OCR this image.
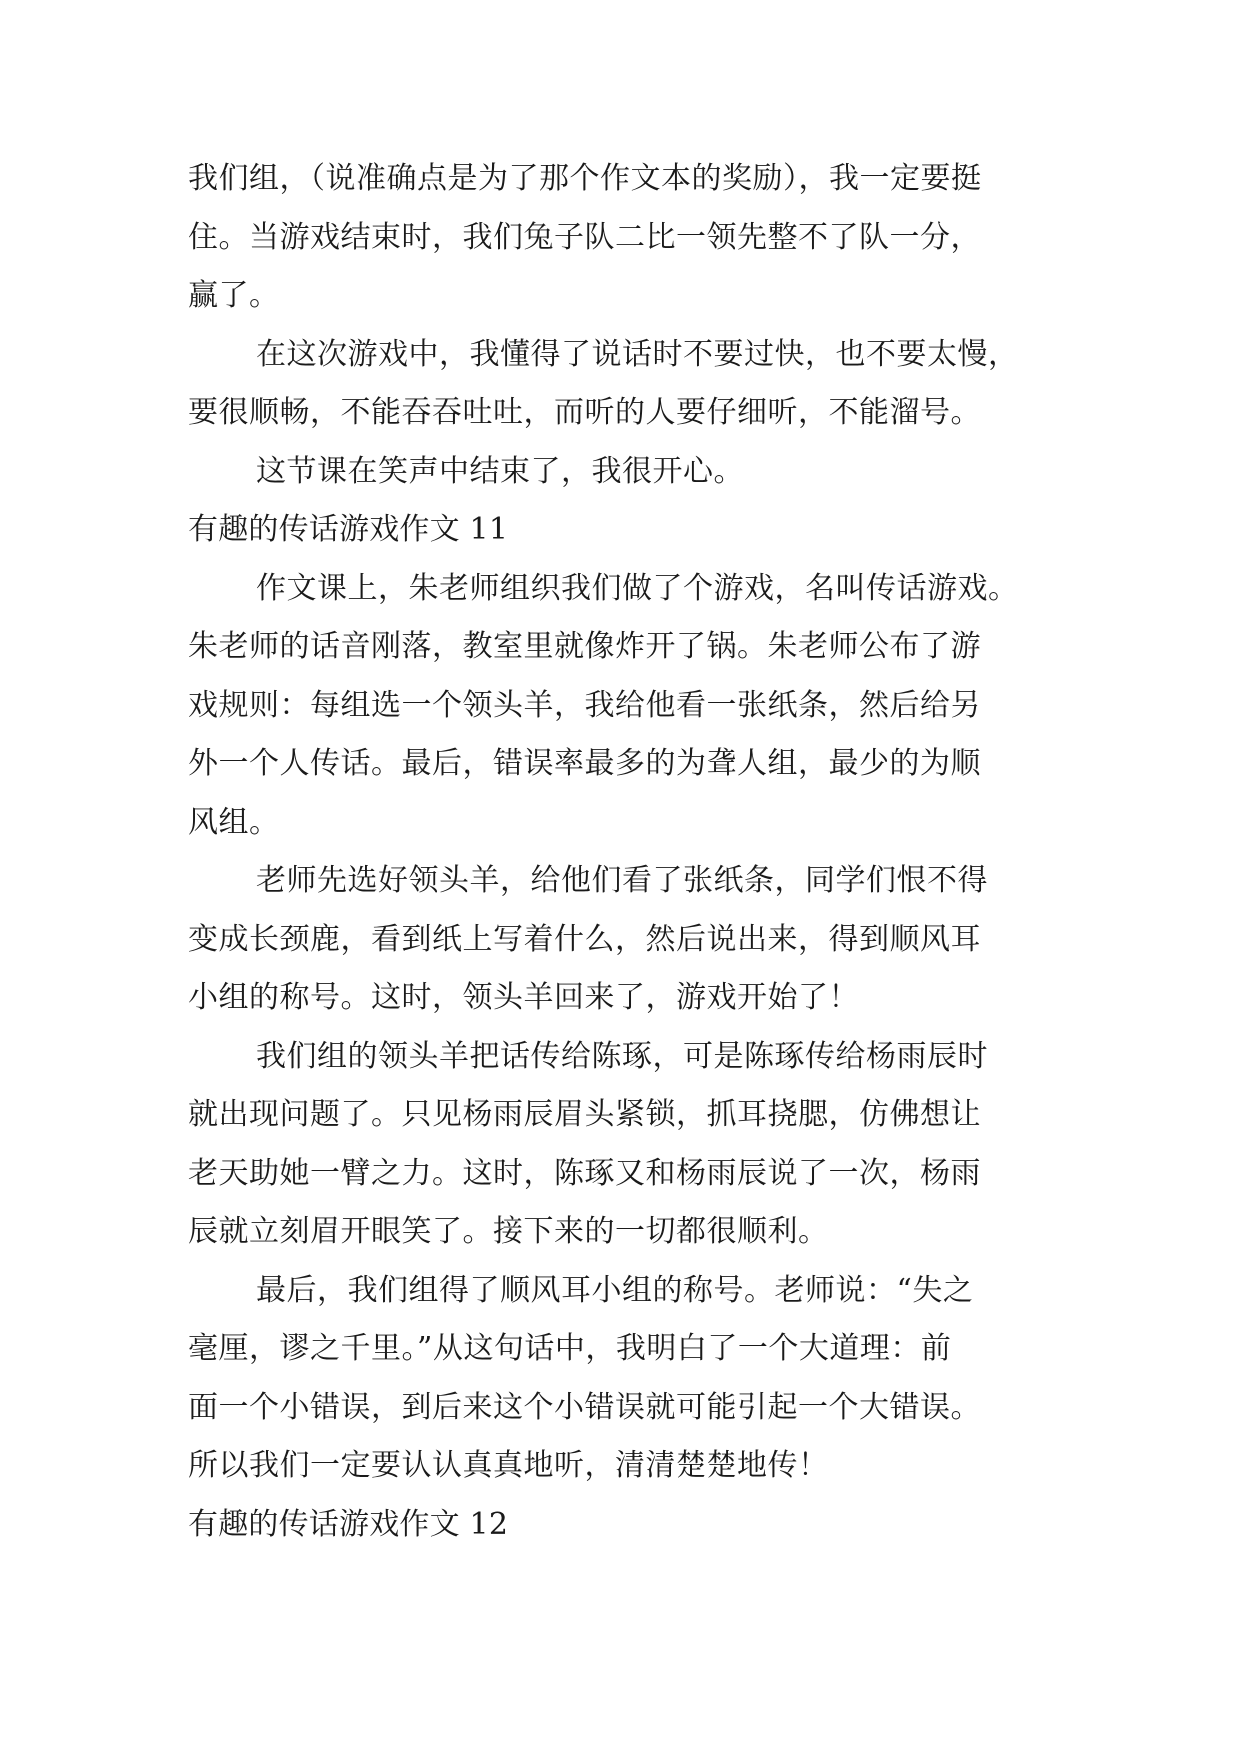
我们组，（说准确点是为了那个作文本的奖励），我一定要挺
住。当游戏结束时，我们兔子队二比一领先整不了队一分，
赢了。
在这次游戏中，我懂得了说话时不要过快，也不要太慢，
要很顺畅，不能吞吞吐吐，而听的人要仔细听，不能溜号。
这节课在笑声中结束了，我很开心。
有趣的传话游戏作文 11
作文课上，朱老师组织我们做了个游戏，名叫传话游戏。
朱老师的话音刚落，教室里就像炸开了锅。朱老师公布了游
戏规则：每组选一个领头羊，我给他看一张纸条，然后给另
外一个人传话。最后，错误率最多的为聋人组，最少的为顺
风组。
老师先选好领头羊，给他们看了张纸条，同学们恨不得
变成长颈鹿，看到纸上写着什么，然后说出来，得到顺风耳
小组的称号。这时，领头羊回来了，游戏开始了！
我们组的领头羊把话传给陈琢，可是陈琢传给杨雨辰时
就出现问题了。只见杨雨辰眉头紧锁，抓耳挠腮，仿佛想让
老天助她一臂之力。这时，陈琢又和杨雨辰说了一次，杨雨
辰就立刻眉开眼笑了。接下来的一切都很顺利。
最后，我们组得了顺风耳小组的称号。老师说：“失之
毫厘，谬之千里。”从这句话中，我明白了一个大道理：前
面一个小错误，到后来这个小错误就可能引起一个大错误。
所以我们一定要认认真真地听，清清楚楚地传！
有趣的传话游戏作文 12
